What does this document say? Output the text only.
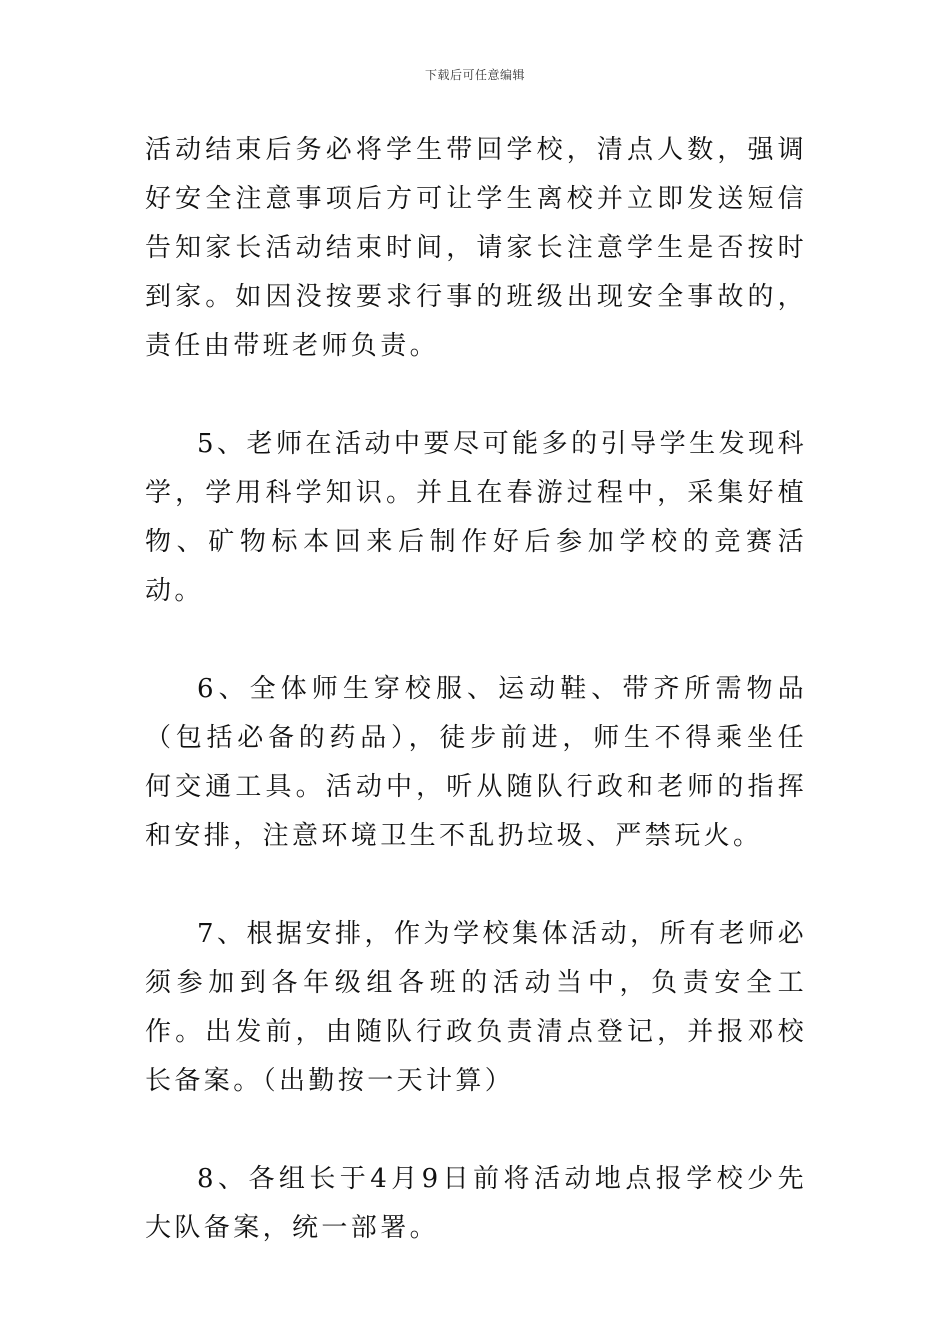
下载后可任意编辑

活动结束后务必将学生带回学校，清点人数，强调好安全注意事项后方可让学生离校并立即发送短信告知家长活动结束时间，请家长注意学生是否按时到家。如因没按要求行事的班级出现安全事故的，责任由带班老师负责。

5、老师在活动中要尽可能多的引导学生发现科学，学用科学知识。并且在春游过程中，采集好植物、矿物标本回来后制作好后参加学校的竞赛活动。

6、全体师生穿校服、运动鞋、带齐所需物品（包括必备的药品），徒步前进，师生不得乘坐任何交通工具。活动中，听从随队行政和老师的指挥和安排，注意环境卫生不乱扔垃圾、严禁玩火。

7、根据安排，作为学校集体活动，所有老师必须参加到各年级组各班的活动当中，负责安全工作。出发前，由随队行政负责清点登记，并报邓校长备案。（出勤按一天计算）

8、各组长于4月9日前将活动地点报学校少先大队备案，统一部署。
